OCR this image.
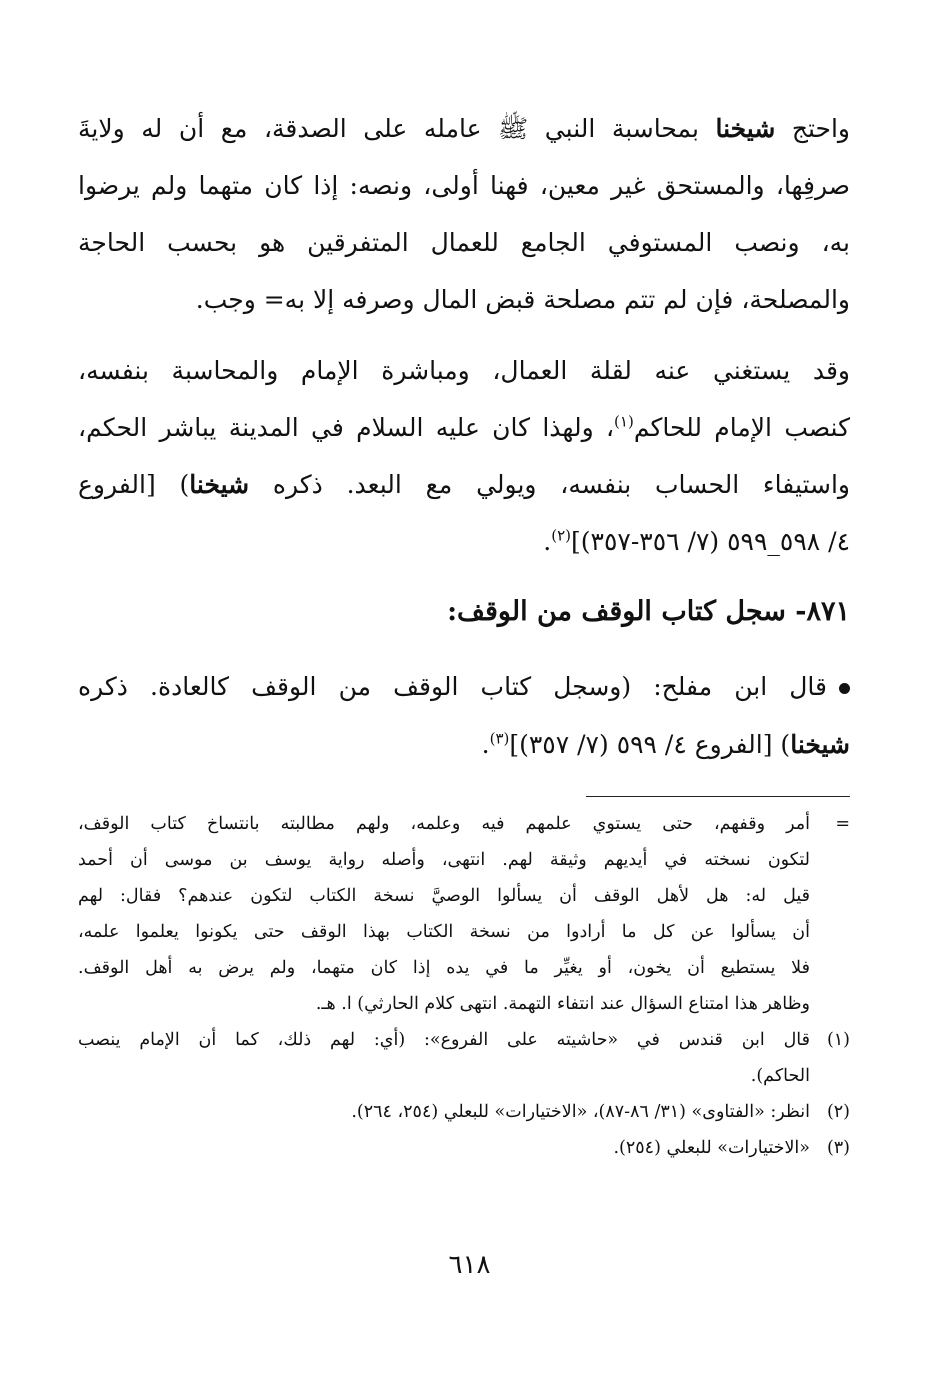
واحتج شيخنا بمحاسبة النبي ﷺ عامله على الصدقة، مع أن له ولايةَ
صرفِها، والمستحق غير معين، فهنا أولى، ونصه: إذا كان متهما ولم يرضوا
به، ونصب المستوفي الجامع للعمال المتفرقين هو بحسب الحاجة
والمصلحة، فإن لم تتم مصلحة قبض المال وصرفه إلا به= وجب.

وقد يستغني عنه لقلة العمال، ومباشرة الإمام والمحاسبة بنفسه،
كنصب الإمام للحاكم$^{(١)}$، ولهذا كان عليه السلام في المدينة يباشر الحكم،
واستيفاء الحساب بنفسه، ويولي مع البعد. ذكره شيخنا) [الفروع
٤/ ٥٩٨_٥٩٩ (٧/ ٣٥٦-٣٥٧)]$^{(٢)}$.

٨٧١- سجل كتاب الوقف من الوقف:

قال ابن مفلح: (وسجل كتاب الوقف من الوقف كالعادة. ذكره
شيخنا) [الفروع ٤/ ٥٩٩ (٧/ ٣٥٧)]$^{(٣)}$.

=
أمر وقفهم، حتى يستوي علمهم فيه وعلمه، ولهم مطالبته بانتساخ كتاب الوقف،
لتكون نسخته في أيديهم وثيقة لهم. انتهى، وأصله رواية يوسف بن موسى أن أحمد
قيل له: هل لأهل الوقف أن يسألوا الوصيَّ نسخة الكتاب لتكون عندهم؟ فقال: لهم
أن يسألوا عن كل ما أرادوا من نسخة الكتاب بهذا الوقف حتى يكونوا يعلموا علمه،
فلا يستطيع أن يخون، أو يغيِّر ما في يده إذا كان متهما، ولم يرض به أهل الوقف.
وظاهر هذا امتناع السؤال عند انتفاء التهمة. انتهى كلام الحارثي) ا. هـ.
(١)
قال ابن قندس في «حاشيته على الفروع»: (أي: لهم ذلك، كما أن الإمام ينصب
الحاكم).
(٢)
انظر: «الفتاوى» (٣١/ ٨٦-٨٧)، «الاختيارات» للبعلي (٢٥٤، ٢٦٤).
(٣)
«الاختيارات» للبعلي (٢٥٤).
٦١٨
